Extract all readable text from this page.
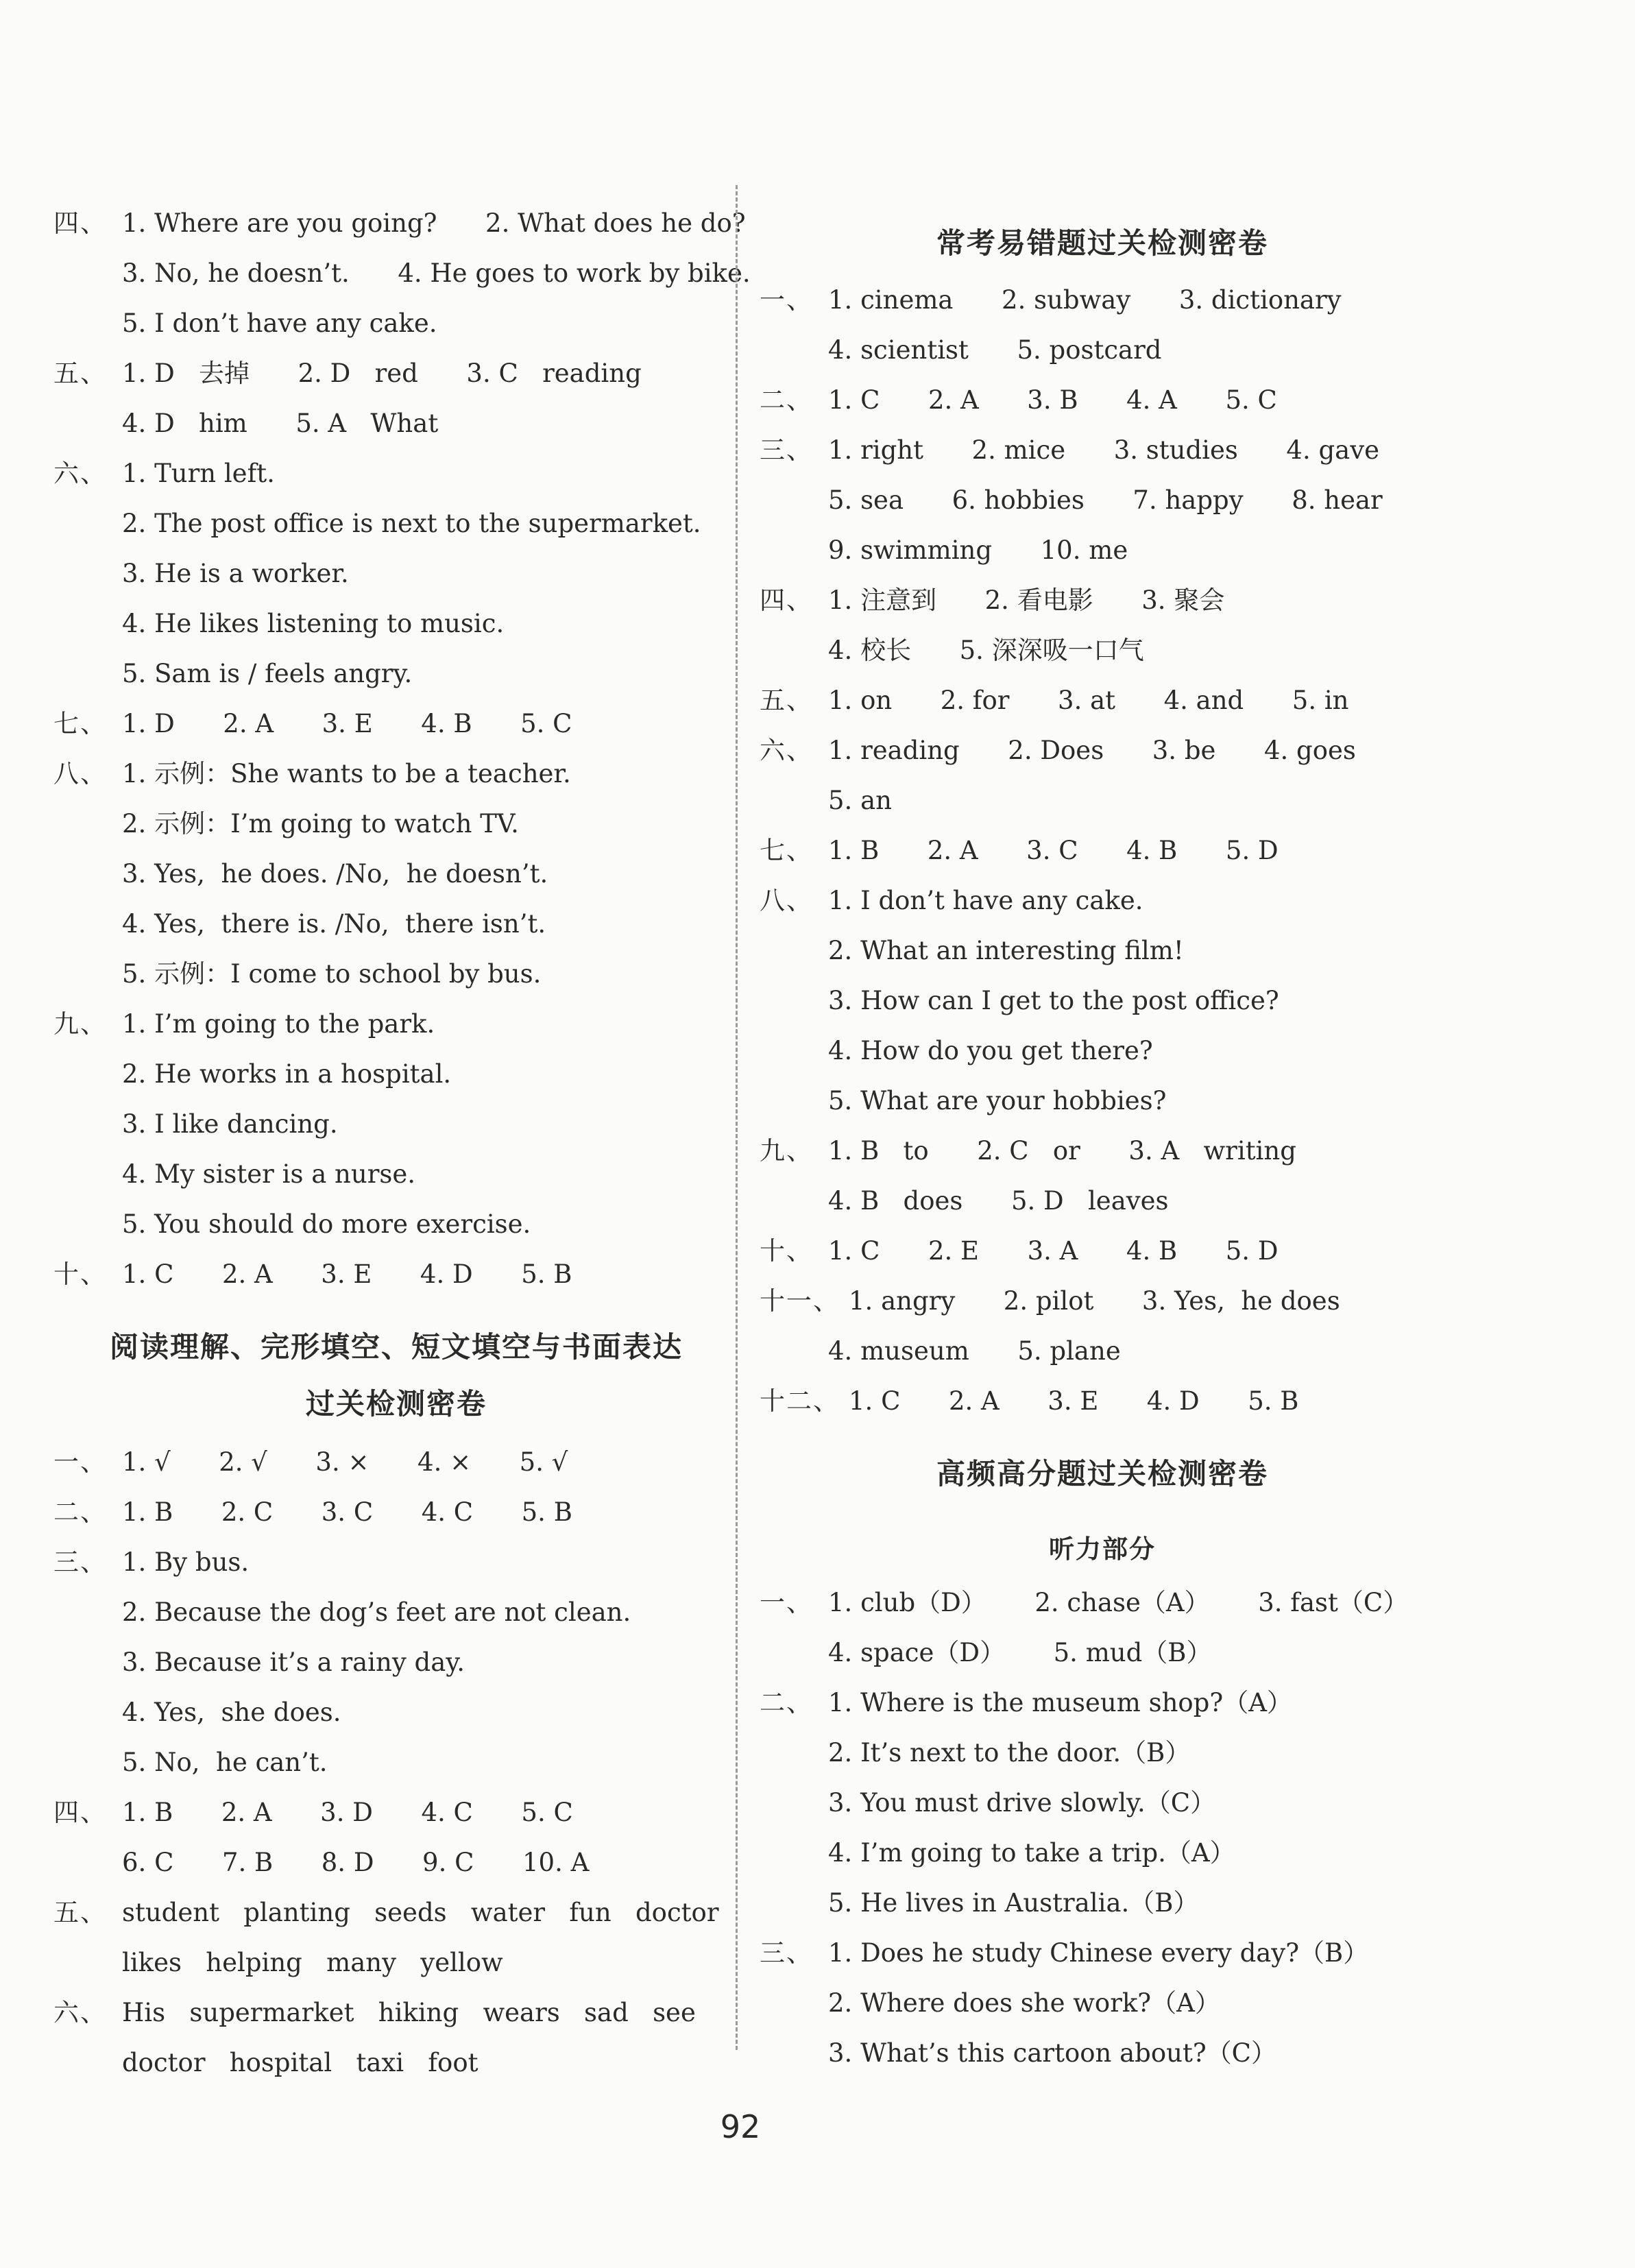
四、 1. Where are you going?      2. What does he do?
3. No, he doesn’t.      4. He goes to work by bike.
5. I don’t have any cake.
五、 1. D   去掉      2. D   red      3. C   reading
4. D   him      5. A   What
六、 1. Turn left.
2. The post office is next to the supermarket.
3. He is a worker.
4. He likes listening to music.
5. Sam is / feels angry.
七、 1. D      2. A      3. E      4. B      5. C
八、 1. 示例：She wants to be a teacher.
2. 示例：I’m going to watch TV.
3. Yes,  he does. /No,  he doesn’t.
4. Yes,  there is. /No,  there isn’t.
5. 示例：I come to school by bus.
九、 1. I’m going to the park.
2. He works in a hospital.
3. I like dancing.
4. My sister is a nurse.
5. You should do more exercise.
十、 1. C      2. A      3. E      4. D      5. B
阅读理解、完形填空、短文填空与书面表达
过关检测密卷
一、 1. √      2. √      3. ×      4. ×      5. √
二、 1. B      2. C      3. C      4. C      5. B
三、 1. By bus.
2. Because the dog’s feet are not clean.
3. Because it’s a rainy day.
4. Yes,  she does.
5. No,  he can’t.
四、 1. B      2. A      3. D      4. C      5. C
6. C      7. B      8. D      9. C      10. A
五、 student   planting   seeds   water   fun   doctor
likes   helping   many   yellow
六、 His   supermarket   hiking   wears   sad   see
doctor   hospital   taxi   foot
常考易错题过关检测密卷
一、 1. cinema      2. subway      3. dictionary
4. scientist      5. postcard
二、 1. C      2. A      3. B      4. A      5. C
三、 1. right      2. mice      3. studies      4. gave
5. sea      6. hobbies      7. happy      8. hear
9. swimming      10. me
四、 1. 注意到      2. 看电影      3. 聚会
4. 校长      5. 深深吸一口气
五、 1. on      2. for      3. at      4. and      5. in
六、 1. reading      2. Does      3. be      4. goes
5. an
七、 1. B      2. A      3. C      4. B      5. D
八、 1. I don’t have any cake.
2. What an interesting film!
3. How can I get to the post office?
4. How do you get there?
5. What are your hobbies?
九、 1. B   to      2. C   or      3. A   writing
4. B   does      5. D   leaves
十、 1. C      2. E      3. A      4. B      5. D
十一、 1. angry      2. pilot      3. Yes,  he does
4. museum      5. plane
十二、 1. C      2. A      3. E      4. D      5. B
高频高分题过关检测密卷
听力部分
一、 1. club（D）      2. chase（A）      3. fast（C）
4. space（D）      5. mud（B）
二、 1. Where is the museum shop?（A）
2. It’s next to the door.（B）
3. You must drive slowly.（C）
4. I’m going to take a trip.（A）
5. He lives in Australia.（B）
三、 1. Does he study Chinese every day?（B）
2. Where does she work?（A）
3. What’s this cartoon about?（C）
92
